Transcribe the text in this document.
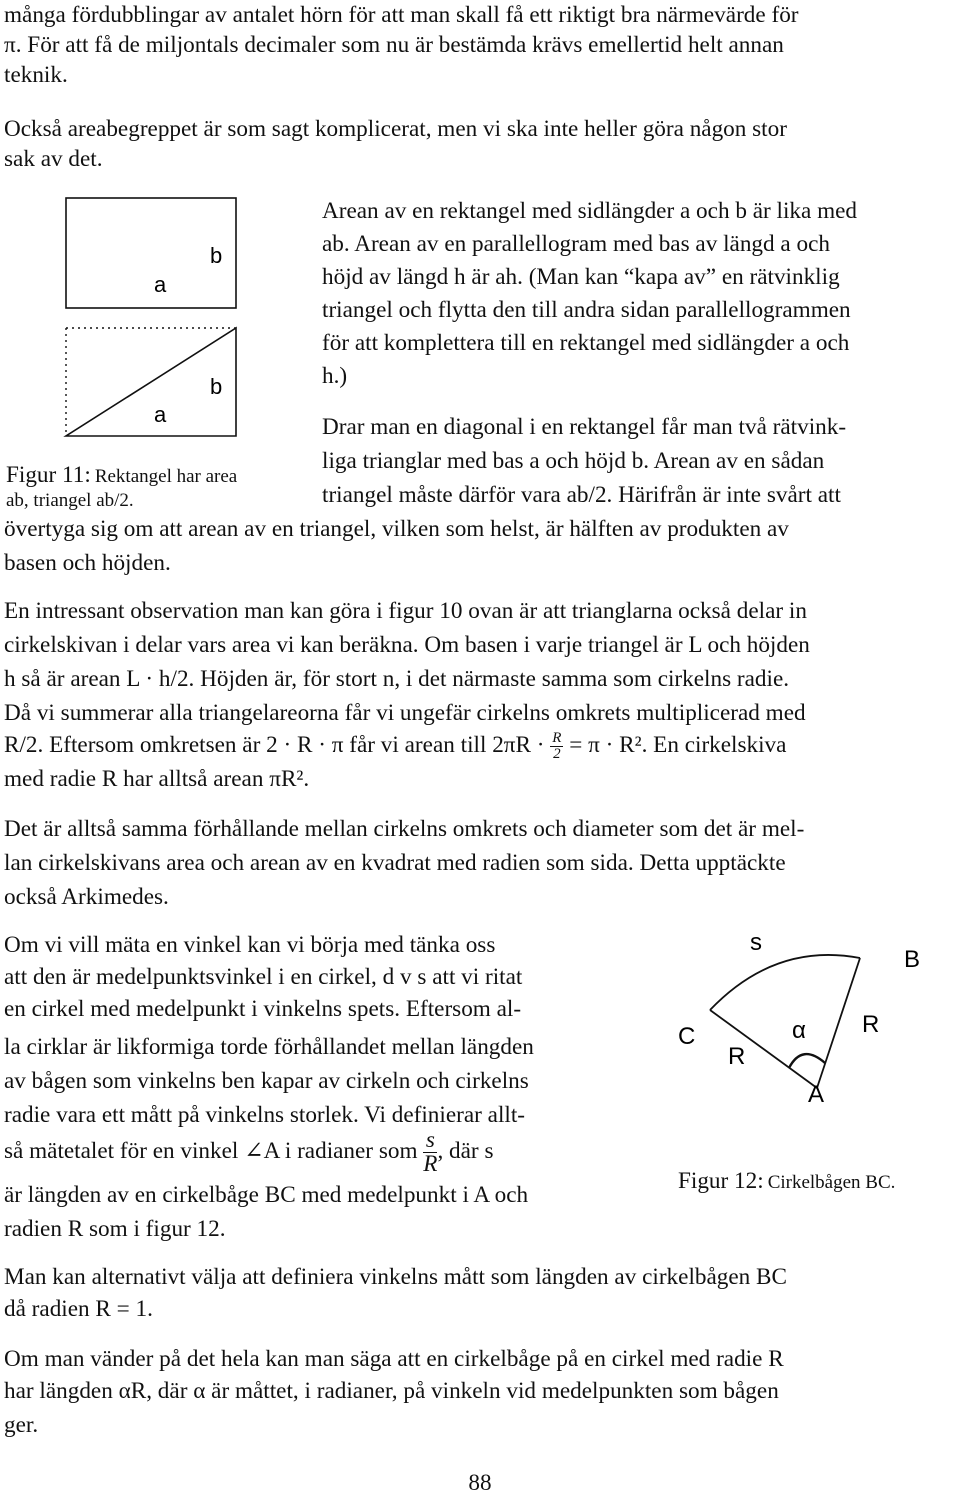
många fördubblingar av antalet hörn för att man skall få ett riktigt bra närmevärde för
π. För att få de miljontals decimaler som nu är bestämda krävs emellertid helt annan
teknik.
Också areabegreppet är som sagt komplicerat, men vi ska inte heller göra någon stor
sak av det.
a
b
a
b
Figur 11: Rektangel har area
ab, triangel ab/2.
Arean av en rektangel med sidlängder a och b är lika med
ab. Arean av en parallellogram med bas av längd a och
höjd av längd h är ah. (Man kan “kapa av” en rätvinklig
triangel och flytta den till andra sidan parallellogrammen
för att komplettera till en rektangel med sidlängder a och
h.)
Drar man en diagonal i en rektangel får man två rätvink-
liga trianglar med bas a och höjd b. Arean av en sådan
triangel måste därför vara ab/2. Härifrån är inte svårt att
övertyga sig om att arean av en triangel, vilken som helst, är hälften av produkten av
basen och höjden.
En intressant observation man kan göra i figur 10 ovan är att trianglarna också delar in
cirkelskivan i delar vars area vi kan beräkna. Om basen i varje triangel är L och höjden
h så är arean L · h/2. Höjden är, för stort n, i det närmaste samma som cirkelns radie.
Då vi summerar alla triangelareorna får vi ungefär cirkelns omkrets multiplicerad med
R/2. Eftersom omkretsen är 2 · R · π får vi arean till $2\pi R \cdot \frac{R}{2} = \pi \cdot R^2$. En cirkelskiva
med radie R har alltså arean πR².
Det är alltså samma förhållande mellan cirkelns omkrets och diameter som det är mel-
lan cirkelskivans area och arean av en kvadrat med radien som sida. Detta upptäckte
också Arkimedes.
Om vi vill mäta en vinkel kan vi börja med tänka oss
att den är medelpunktsvinkel i en cirkel, d v s att vi ritat
en cirkel med medelpunkt i vinkelns spets. Eftersom al-
la cirklar är likformiga torde förhållandet mellan längden
av bågen som vinkelns ben kapar av cirkeln och cirkelns
radie vara ett mått på vinkelns storlek. Vi definierar allt-
så mätetalet för en vinkel ∠A i radianer som $\frac{s}{R}$ , där s
är längden av en cirkelbåge BC med medelpunkt i A och
radien R som i figur 12.
s
B
C	α R
R
A
Figur 12: Cirkelbågen BC.
Man kan alternativt välja att definiera vinkelns mått som längden av cirkelbågen BC
då radien R = 1.
Om man vänder på det hela kan man säga att en cirkelbåge på en cirkel med radie R
har längden αR, där α är måttet, i radianer, på vinkeln vid medelpunkten som bågen
ger.
88
